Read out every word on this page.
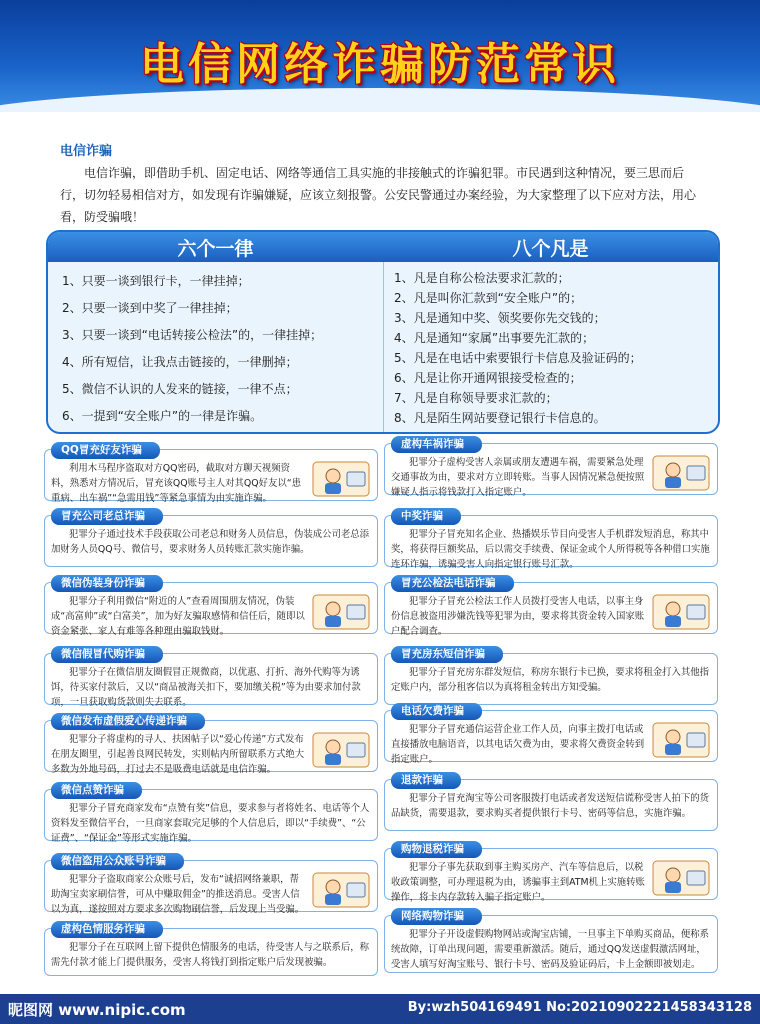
电信网络诈骗防范常识
电信诈骗
电信诈骗，即借助手机、固定电话、网络等通信工具实施的非接触式的诈骗犯罪。市民遇到这种情况，要三思而后行，切勿轻易相信对方，如发现有诈骗嫌疑，应该立刻报警。公安民警通过办案经验，为大家整理了以下应对方法，用心看，防受骗哦！
六个一律	八个凡是
1、只要一谈到银行卡，一律挂掉；
2、只要一谈到中奖了一律挂掉；
3、只要一谈到“电话转接公检法”的，一律挂掉；
4、所有短信，让我点击链接的，一律删掉；
5、微信不认识的人发来的链接，一律不点；
6、一提到“安全账户”的一律是诈骗。
1、凡是自称公检法要求汇款的；
2、凡是叫你汇款到“安全账户”的；
3、凡是通知中奖、领奖要你先交钱的；
4、凡是通知“家属”出事要先汇款的；
5、凡是在电话中索要银行卡信息及验证码的；
6、凡是让你开通网银接受检查的；
7、凡是自称领导要求汇款的；
8、凡是陌生网站要登记银行卡信息的。
QQ冒充好友诈骗
利用木马程序盗取对方QQ密码，截取对方聊天视频资料，熟悉对方情况后，冒充该QQ账号主人对其QQ好友以“患重病、出车祸”“急需用钱”等紧急事情为由实施诈骗。
冒充公司老总诈骗
犯罪分子通过技术手段获取公司老总和财务人员信息，伪装成公司老总添加财务人员QQ号、微信号，要求财务人员转账汇款实施诈骗。
微信伪装身份诈骗
犯罪分子利用微信“附近的人”查看周围朋友情况，伪装成“高富帅”或“白富美”，加为好友骗取感情和信任后，随即以资金紧张、家人有难等各种理由骗取钱财。
微信假冒代购诈骗
犯罪分子在微信朋友圈假冒正规微商，以优惠、打折、海外代购等为诱饵，待买家付款后，又以“商品被海关扣下，要加缴关税”等为由要求加付款项，一旦获取购货款则失去联系。
微信发布虚假爱心传递诈骗
犯罪分子将虚构的寻人、扶困帖子以“爱心传递”方式发布在朋友圈里，引起善良网民转发，实则帖内所留联系方式绝大多数为外地号码，打过去不是吸费电话就是电信诈骗。
微信点赞诈骗
犯罪分子冒充商家发布“点赞有奖”信息，要求参与者将姓名、电话等个人资料发至微信平台，一旦商家套取完足够的个人信息后，即以“手续费”、“公证费”、“保证金”等形式实施诈骗。
微信盗用公众账号诈骗
犯罪分子盗取商家公众账号后，发布“诚招网络兼职，帮助淘宝卖家刷信誉，可从中赚取佣金”的推送消息。受害人信以为真，遂按照对方要求多次购物刷信誉，后发现上当受骗。
虚构色情服务诈骗
犯罪分子在互联网上留下提供色情服务的电话，待受害人与之联系后，称需先付款才能上门提供服务，受害人将钱打到指定账户后发现被骗。
虚构车祸诈骗
犯罪分子虚构受害人亲属或朋友遭遇车祸，需要紧急处理交通事故为由，要求对方立即转账。当事人因情况紧急便按照嫌疑人指示将钱款打入指定账户。
中奖诈骗
犯罪分子冒充知名企业、热播娱乐节目向受害人手机群发短消息，称其中奖，将获得巨额奖品，后以需交手续费、保证金或个人所得税等各种借口实施连环诈骗，诱骗受害人向指定银行账号汇款。
冒充公检法电话诈骗
犯罪分子冒充公检法工作人员拨打受害人电话，以事主身份信息被盗用涉嫌洗钱等犯罪为由，要求将其资金转入国家账户配合调查。
冒充房东短信诈骗
犯罪分子冒充房东群发短信，称房东银行卡已换，要求将租金打入其他指定账户内，部分租客信以为真将租金转出方知受骗。
电话欠费诈骗
犯罪分子冒充通信运营企业工作人员，向事主拨打电话或直接播放电脑语音，以其电话欠费为由，要求将欠费资金转到指定账户。
退款诈骗
犯罪分子冒充淘宝等公司客服拨打电话或者发送短信谎称受害人拍下的货品缺货，需要退款，要求购买者提供银行卡号、密码等信息，实施诈骗。
购物退税诈骗
犯罪分子事先获取到事主购买房产、汽车等信息后，以税收政策调整，可办理退税为由，诱骗事主到ATM机上实施转账操作，将卡内存款转入骗子指定账户。
网络购物诈骗
犯罪分子开设虚假购物网站或淘宝店铺，一旦事主下单购买商品，便称系统故障，订单出现问题，需要重新激活。随后，通过QQ发送虚假激活网址，受害人填写好淘宝账号、银行卡号、密码及验证码后，卡上金额即被划走。
昵图网 www.nipic.com	By:wzh504169491 No:20210902221458343128
